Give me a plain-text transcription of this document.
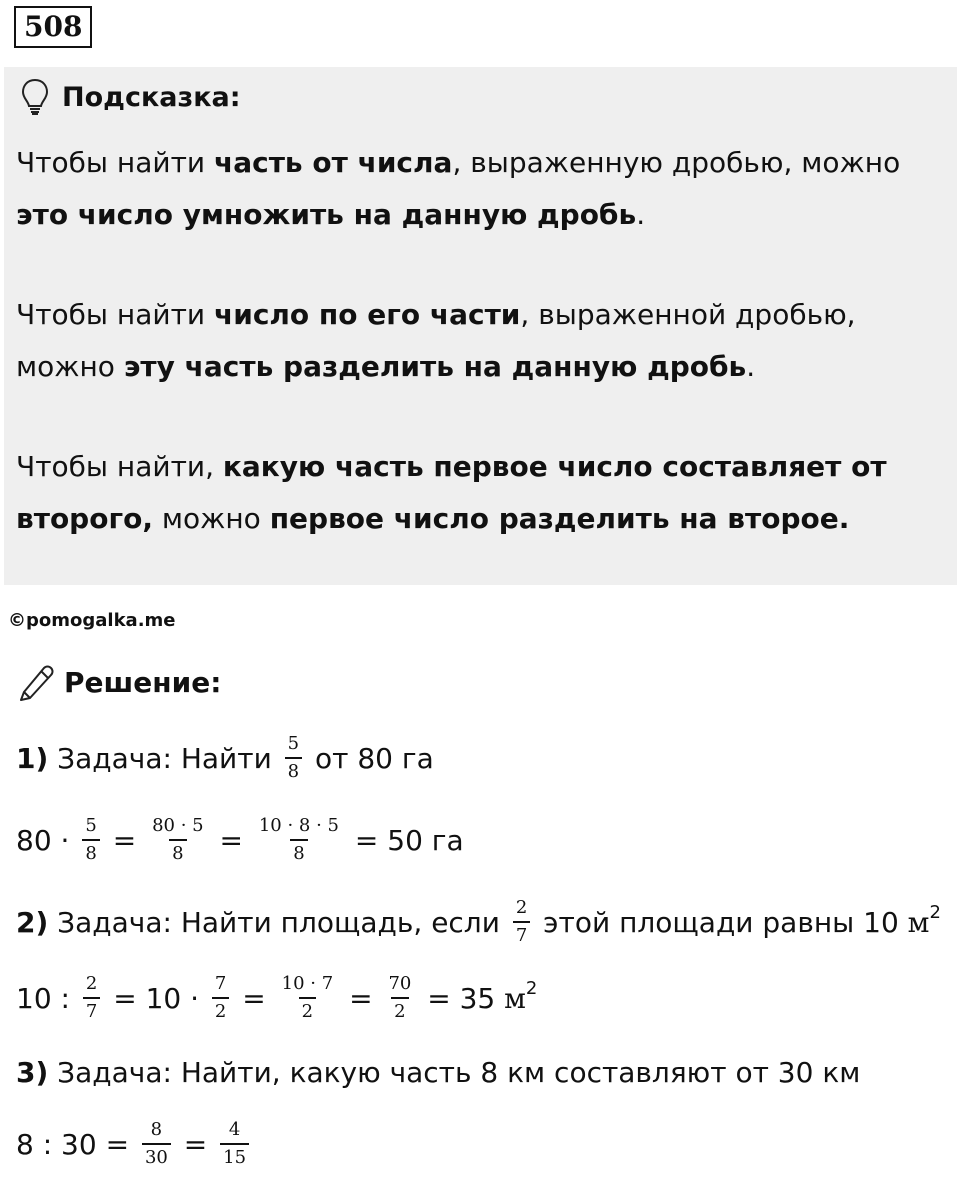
508
Подсказка:
Чтобы найти часть от числа, выраженную дробью, можно это число умножить на данную дробь.
Чтобы найти число по его части, выраженной дробью, можно эту часть разделить на данную дробь.
Чтобы найти, какую часть первое число составляет от второго, можно первое число разделить на второе.
©pomogalka.me
Решение:
1) Задача: Найти $\frac{5}{8}$ от 80 га
$80 \cdot \frac{5}{8} = \frac{80 \cdot 5}{8} = \frac{10 \cdot 8 \cdot 5}{8} = 50$ га
2) Задача: Найти площадь, если $\frac{2}{7}$ этой площади равны 10 $м^2$
10 : $\frac{2}{7} = 10 \cdot \frac{7}{2} = \frac{10 \cdot 7}{2} = \frac{70}{2} = 35$ $м^2$
3) Задача: Найти, какую часть 8 км составляют от 30 км
8 : $30 = \frac{8}{30} = \frac{4}{15}$
